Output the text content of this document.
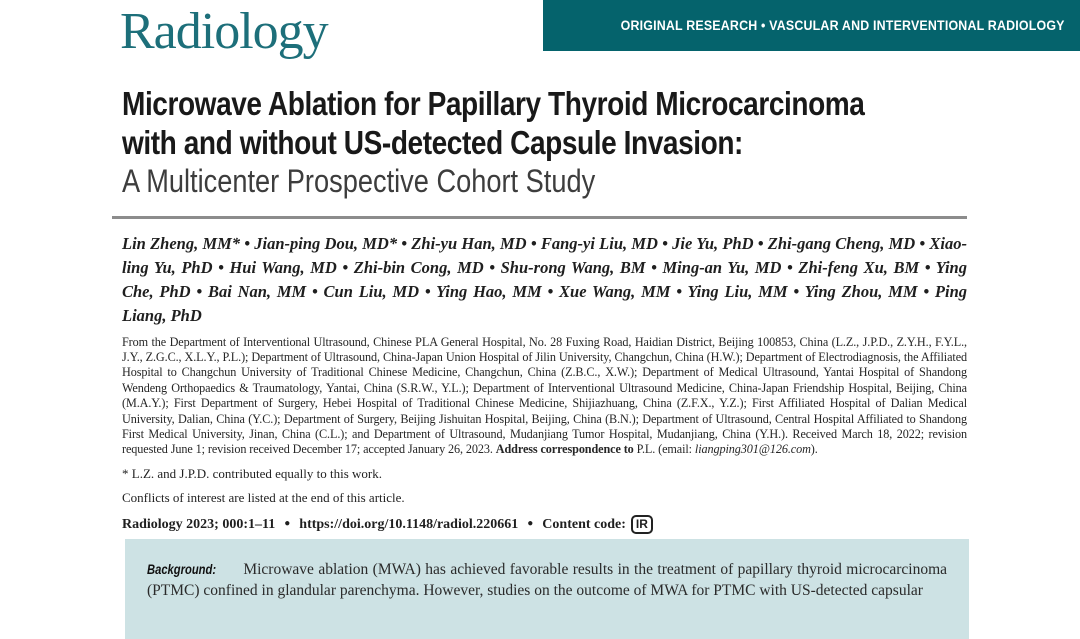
Radiology	ORIGINAL RESEARCH • VASCULAR AND INTERVENTIONAL RADIOLOGY
Microwave Ablation for Papillary Thyroid Microcarcinoma
with and without US-detected Capsule Invasion:
A Multicenter Prospective Cohort Study

Lin Zheng, MM* • Jian-ping Dou, MD* • Zhi-yu Han, MD • Fang-yi Liu, MD • Jie Yu, PhD • Zhi-gang Cheng, MD • Xiao-ling Yu, PhD • Hui Wang, MD • Zhi-bin Cong, MD • Shu-rong Wang, BM • Ming-an Yu, MD • Zhi-feng Xu, BM • Ying Che, PhD • Bai Nan, MM • Cun Liu, MD • Ying Hao, MM • Xue Wang, MM • Ying Liu, MM • Ying Zhou, MM • Ping Liang, PhD

From the Department of Interventional Ultrasound, Chinese PLA General Hospital, No. 28 Fuxing Road, Haidian District, Beijing 100853, China (L.Z., J.P.D., Z.Y.H., F.Y.L., J.Y., Z.G.C., X.L.Y., P.L.); Department of Ultrasound, China-Japan Union Hospital of Jilin University, Changchun, China (H.W.); Department of Electrodiagnosis, the Affiliated Hospital to Changchun University of Traditional Chinese Medicine, Changchun, China (Z.B.C., X.W.); Department of Medical Ultrasound, Yantai Hospital of Shandong Wendeng Orthopaedics & Traumatology, Yantai, China (S.R.W., Y.L.); Department of Interventional Ultrasound Medicine, China-Japan Friendship Hospital, Beijing, China (M.A.Y.); First Department of Surgery, Hebei Hospital of Traditional Chinese Medicine, Shijiazhuang, China (Z.F.X., Y.Z.); First Affiliated Hospital of Dalian Medical University, Dalian, China (Y.C.); Department of Surgery, Beijing Jishuitan Hospital, Beijing, China (B.N.); Department of Ultrasound, Central Hospital Affiliated to Shandong First Medical University, Jinan, China (C.L.); and Department of Ultrasound, Mudanjiang Tumor Hospital, Mudanjiang, China (Y.H.). Received March 18, 2022; revision requested June 1; revision received December 17; accepted January 26, 2023. Address correspondence to P.L. (email: liangping301@126.com).

* L.Z. and J.P.D. contributed equally to this work.

Conflicts of interest are listed at the end of this article.

Radiology 2023; 000:1–11 ● https://doi.org/10.1148/radiol.220661 ● Content code: IR

Background: Microwave ablation (MWA) has achieved favorable results in the treatment of papillary thyroid microcarcinoma (PTMC) confined in glandular parenchyma. However, studies on the outcome of MWA for PTMC with US-detected capsular
